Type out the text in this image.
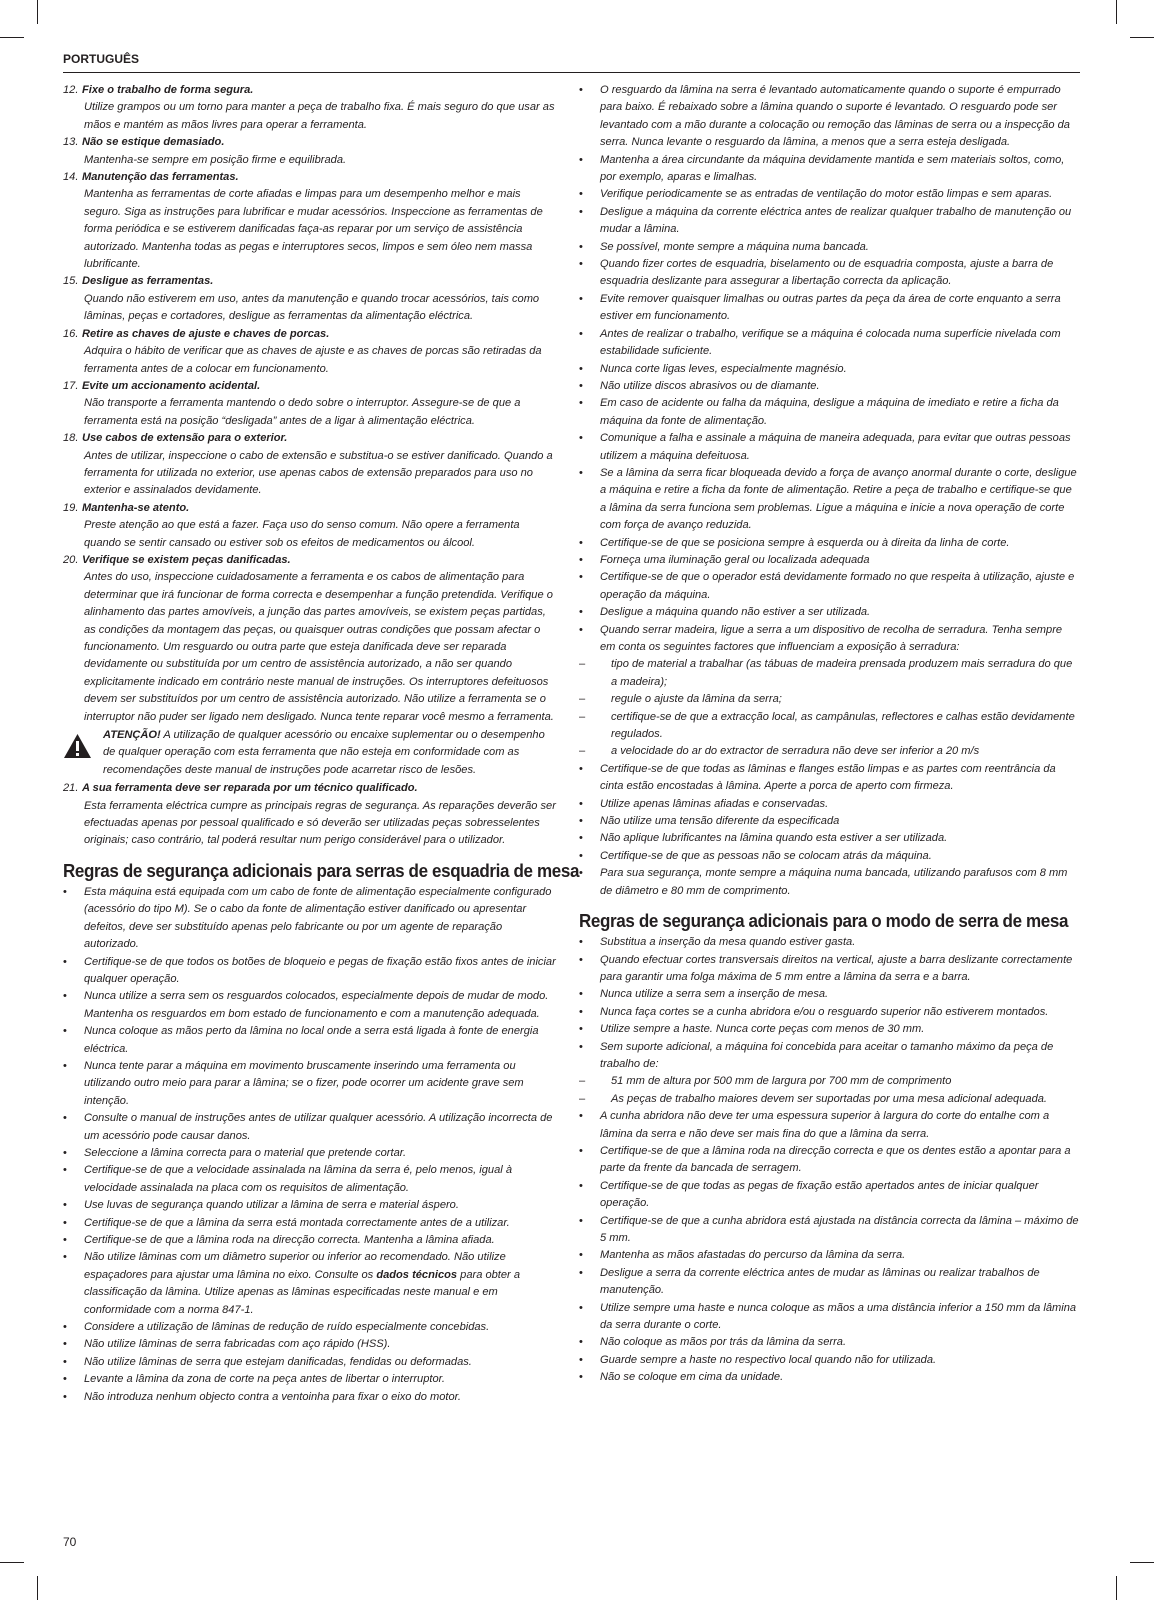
PORTUGUÊS
12. Fixe o trabalho de forma segura.
Utilize grampos ou um torno para manter a peça de trabalho fixa. É mais seguro do que usar as mãos e mantém as mãos livres para operar a ferramenta.
13. Não se estique demasiado.
Mantenha-se sempre em posição firme e equilibrada.
14. Manutenção das ferramentas.
Mantenha as ferramentas de corte afiadas e limpas para um desempenho melhor e mais seguro. Siga as instruções para lubrificar e mudar acessórios. Inspeccione as ferramentas de forma periódica e se estiverem danificadas faça-as reparar por um serviço de assistência autorizado. Mantenha todas as pegas e interruptores secos, limpos e sem óleo nem massa lubrificante.
15. Desligue as ferramentas.
Quando não estiverem em uso, antes da manutenção e quando trocar acessórios, tais como lâminas, peças e cortadores, desligue as ferramentas da alimentação eléctrica.
16. Retire as chaves de ajuste e chaves de porcas.
Adquira o hábito de verificar que as chaves de ajuste e as chaves de porcas são retiradas da ferramenta antes de a colocar em funcionamento.
17. Evite um accionamento acidental.
Não transporte a ferramenta mantendo o dedo sobre o interruptor. Assegure-se de que a ferramenta está na posição “desligada” antes de a ligar à alimentação eléctrica.
18. Use cabos de extensão para o exterior.
Antes de utilizar, inspeccione o cabo de extensão e substitua-o se estiver danificado. Quando a ferramenta for utilizada no exterior, use apenas cabos de extensão preparados para uso no exterior e assinalados devidamente.
19. Mantenha-se atento.
Preste atenção ao que está a fazer. Faça uso do senso comum. Não opere a ferramenta quando se sentir cansado ou estiver sob os efeitos de medicamentos ou álcool.
20. Verifique se existem peças danificadas.
Antes do uso, inspeccione cuidadosamente a ferramenta e os cabos de alimentação para determinar que irá funcionar de forma correcta e desempenhar a função pretendida. Verifique o alinhamento das partes amovíveis, a junção das partes amovíveis, se existem peças partidas, as condições da montagem das peças, ou quaisquer outras condições que possam afectar o funcionamento. Um resguardo ou outra parte que esteja danificada deve ser reparada devidamente ou substituída por um centro de assistência autorizado, a não ser quando explicitamente indicado em contrário neste manual de instruções. Os interruptores defeituosos devem ser substituídos por um centro de assistência autorizado. Não utilize a ferramenta se o interruptor não puder ser ligado nem desligado. Nunca tente reparar você mesmo a ferramenta.
ATENÇÃO! A utilização de qualquer acessório ou encaixe suplementar ou o desempenho de qualquer operação com esta ferramenta que não esteja em conformidade com as recomendações deste manual de instruções pode acarretar risco de lesões.
21. A sua ferramenta deve ser reparada por um técnico qualificado.
Esta ferramenta eléctrica cumpre as principais regras de segurança. As reparações deverão ser efectuadas apenas por pessoal qualificado e só deverão ser utilizadas peças sobresselentes originais; caso contrário, tal poderá resultar num perigo considerável para o utilizador.
Regras de segurança adicionais para serras de esquadria de mesa
• Esta máquina está equipada com um cabo de fonte de alimentação especialmente configurado (acessório do tipo M). Se o cabo da fonte de alimentação estiver danificado ou apresentar defeitos, deve ser substituído apenas pelo fabricante ou por um agente de reparação autorizado.
• Certifique-se de que todos os botões de bloqueio e pegas de fixação estão fixos antes de iniciar qualquer operação.
• Nunca utilize a serra sem os resguardos colocados, especialmente depois de mudar de modo. Mantenha os resguardos em bom estado de funcionamento e com a manutenção adequada.
• Nunca coloque as mãos perto da lâmina no local onde a serra está ligada à fonte de energia eléctrica.
• Nunca tente parar a máquina em movimento bruscamente inserindo uma ferramenta ou utilizando outro meio para parar a lâmina; se o fizer, pode ocorrer um acidente grave sem intenção.
• Consulte o manual de instruções antes de utilizar qualquer acessório. A utilização incorrecta de um acessório pode causar danos.
• Seleccione a lâmina correcta para o material que pretende cortar.
• Certifique-se de que a velocidade assinalada na lâmina da serra é, pelo menos, igual à velocidade assinalada na placa com os requisitos de alimentação.
• Use luvas de segurança quando utilizar a lâmina de serra e material áspero.
• Certifique-se de que a lâmina da serra está montada correctamente antes de a utilizar.
• Certifique-se de que a lâmina roda na direcção correcta. Mantenha a lâmina afiada.
• Não utilize lâminas com um diâmetro superior ou inferior ao recomendado. Não utilize espaçadores para ajustar uma lâmina no eixo. Consulte os dados técnicos para obter a classificação da lâmina. Utilize apenas as lâminas especificadas neste manual e em conformidade com a norma 847-1.
• Considere a utilização de lâminas de redução de ruído especialmente concebidas.
• Não utilize lâminas de serra fabricadas com aço rápido (HSS).
• Não utilize lâminas de serra que estejam danificadas, fendidas ou deformadas.
• Levante a lâmina da zona de corte na peça antes de libertar o interruptor.
• Não introduza nenhum objecto contra a ventoinha para fixar o eixo do motor.
• O resguardo da lâmina na serra é levantado automaticamente quando o suporte é empurrado para baixo. É rebaixado sobre a lâmina quando o suporte é levantado. O resguardo pode ser levantado com a mão durante a colocação ou remoção das lâminas de serra ou a inspecção da serra. Nunca levante o resguardo da lâmina, a menos que a serra esteja desligada.
• Mantenha a área circundante da máquina devidamente mantida e sem materiais soltos, como, por exemplo, aparas e limalhas.
• Verifique periodicamente se as entradas de ventilação do motor estão limpas e sem aparas.
• Desligue a máquina da corrente eléctrica antes de realizar qualquer trabalho de manutenção ou mudar a lâmina.
• Se possível, monte sempre a máquina numa bancada.
• Quando fizer cortes de esquadria, biselamento ou de esquadria composta, ajuste a barra de esquadria deslizante para assegurar a libertação correcta da aplicação.
• Evite remover quaisquer limalhas ou outras partes da peça da área de corte enquanto a serra estiver em funcionamento.
• Antes de realizar o trabalho, verifique se a máquina é colocada numa superfície nivelada com estabilidade suficiente.
• Nunca corte ligas leves, especialmente magnésio.
• Não utilize discos abrasivos ou de diamante.
• Em caso de acidente ou falha da máquina, desligue a máquina de imediato e retire a ficha da máquina da fonte de alimentação.
• Comunique a falha e assinale a máquina de maneira adequada, para evitar que outras pessoas utilizem a máquina defeituosa.
• Se a lâmina da serra ficar bloqueada devido a força de avanço anormal durante o corte, desligue a máquina e retire a ficha da fonte de alimentação. Retire a peça de trabalho e certifique-se que a lâmina da serra funciona sem problemas. Ligue a máquina e inicie a nova operação de corte com força de avanço reduzida.
• Certifique-se de que se posiciona sempre à esquerda ou à direita da linha de corte.
• Forneça uma iluminação geral ou localizada adequada
• Certifique-se de que o operador está devidamente formado no que respeita à utilização, ajuste e operação da máquina.
• Desligue a máquina quando não estiver a ser utilizada.
• Quando serrar madeira, ligue a serra a um dispositivo de recolha de serradura. Tenha sempre em conta os seguintes factores que influenciam a exposição à serradura:
– tipo de material a trabalhar (as tábuas de madeira prensada produzem mais serradura do que a madeira);
– regule o ajuste da lâmina da serra;
– certifique-se de que a extracção local, as campânulas, reflectores e calhas estão devidamente regulados.
– a velocidade do ar do extractor de serradura não deve ser inferior a 20 m/s
• Certifique-se de que todas as lâminas e flanges estão limpas e as partes com reentrância da cinta estão encostadas à lâmina. Aperte a porca de aperto com firmeza.
• Utilize apenas lâminas afiadas e conservadas.
• Não utilize uma tensão diferente da especificada
• Não aplique lubrificantes na lâmina quando esta estiver a ser utilizada.
• Certifique-se de que as pessoas não se colocam atrás da máquina.
• Para sua segurança, monte sempre a máquina numa bancada, utilizando parafusos com 8 mm de diâmetro e 80 mm de comprimento.
Regras de segurança adicionais para o modo de serra de mesa
• Substitua a inserção da mesa quando estiver gasta.
• Quando efectuar cortes transversais direitos na vertical, ajuste a barra deslizante correctamente para garantir uma folga máxima de 5 mm entre a lâmina da serra e a barra.
• Nunca utilize a serra sem a inserção de mesa.
• Nunca faça cortes se a cunha abridora e/ou o resguardo superior não estiverem montados.
• Utilize sempre a haste. Nunca corte peças com menos de 30 mm.
• Sem suporte adicional, a máquina foi concebida para aceitar o tamanho máximo da peça de trabalho de:
– 51 mm de altura por 500 mm de largura por 700 mm de comprimento
– As peças de trabalho maiores devem ser suportadas por uma mesa adicional adequada.
• A cunha abridora não deve ter uma espessura superior à largura do corte do entalhe com a lâmina da serra e não deve ser mais fina do que a lâmina da serra.
• Certifique-se de que a lâmina roda na direcção correcta e que os dentes estão a apontar para a parte da frente da bancada de serragem.
• Certifique-se de que todas as pegas de fixação estão apertados antes de iniciar qualquer operação.
• Certifique-se de que a cunha abridora está ajustada na distância correcta da lâmina – máximo de 5 mm.
• Mantenha as mãos afastadas do percurso da lâmina da serra.
• Desligue a serra da corrente eléctrica antes de mudar as lâminas ou realizar trabalhos de manutenção.
• Utilize sempre uma haste e nunca coloque as mãos a uma distância inferior a 150 mm da lâmina da serra durante o corte.
• Não coloque as mãos por trás da lâmina da serra.
• Guarde sempre a haste no respectivo local quando não for utilizada.
• Não se coloque em cima da unidade.
70
